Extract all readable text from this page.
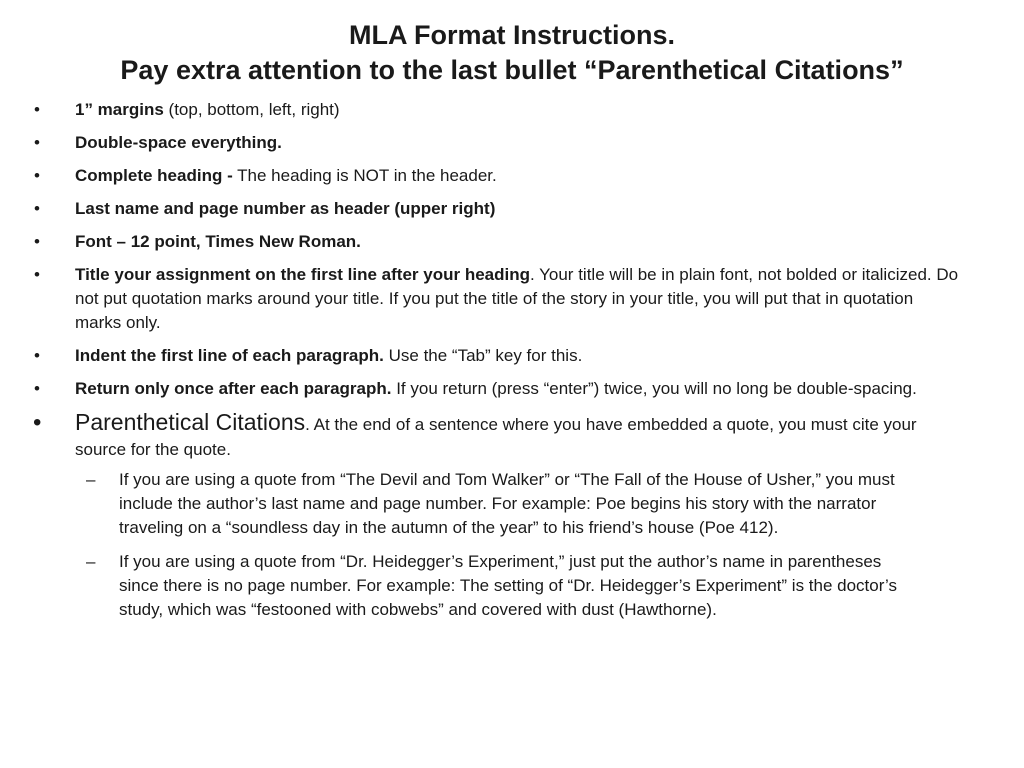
MLA Format Instructions.
Pay extra attention to the last bullet “Parenthetical Citations”
• 1” margins (top, bottom, left, right)
• Double-space everything.
• Complete heading - The heading is NOT in the header.
• Last name and page number as header (upper right)
• Font – 12 point, Times New Roman.
• Title your assignment on the first line after your heading. Your title will be in plain font, not bolded or italicized. Do not put quotation marks around your title. If you put the title of the story in your title, you will put that in quotation marks only.
• Indent the first line of each paragraph. Use the “Tab” key for this.
• Return only once after each paragraph. If you return (press “enter”) twice, you will no long be double-spacing.
• Parenthetical Citations. At the end of a sentence where you have embedded a quote, you must cite your source for the quote.
– If you are using a quote from “The Devil and Tom Walker” or “The Fall of the House of Usher,” you must include the author’s last name and page number. For example: Poe begins his story with the narrator traveling on a “soundless day in the autumn of the year” to his friend’s house (Poe 412).
– If you are using a quote from “Dr. Heidegger’s Experiment,” just put the author’s name in parentheses since there is no page number. For example: The setting of “Dr. Heidegger’s Experiment” is the doctor’s study, which was “festooned with cobwebs” and covered with dust (Hawthorne).
